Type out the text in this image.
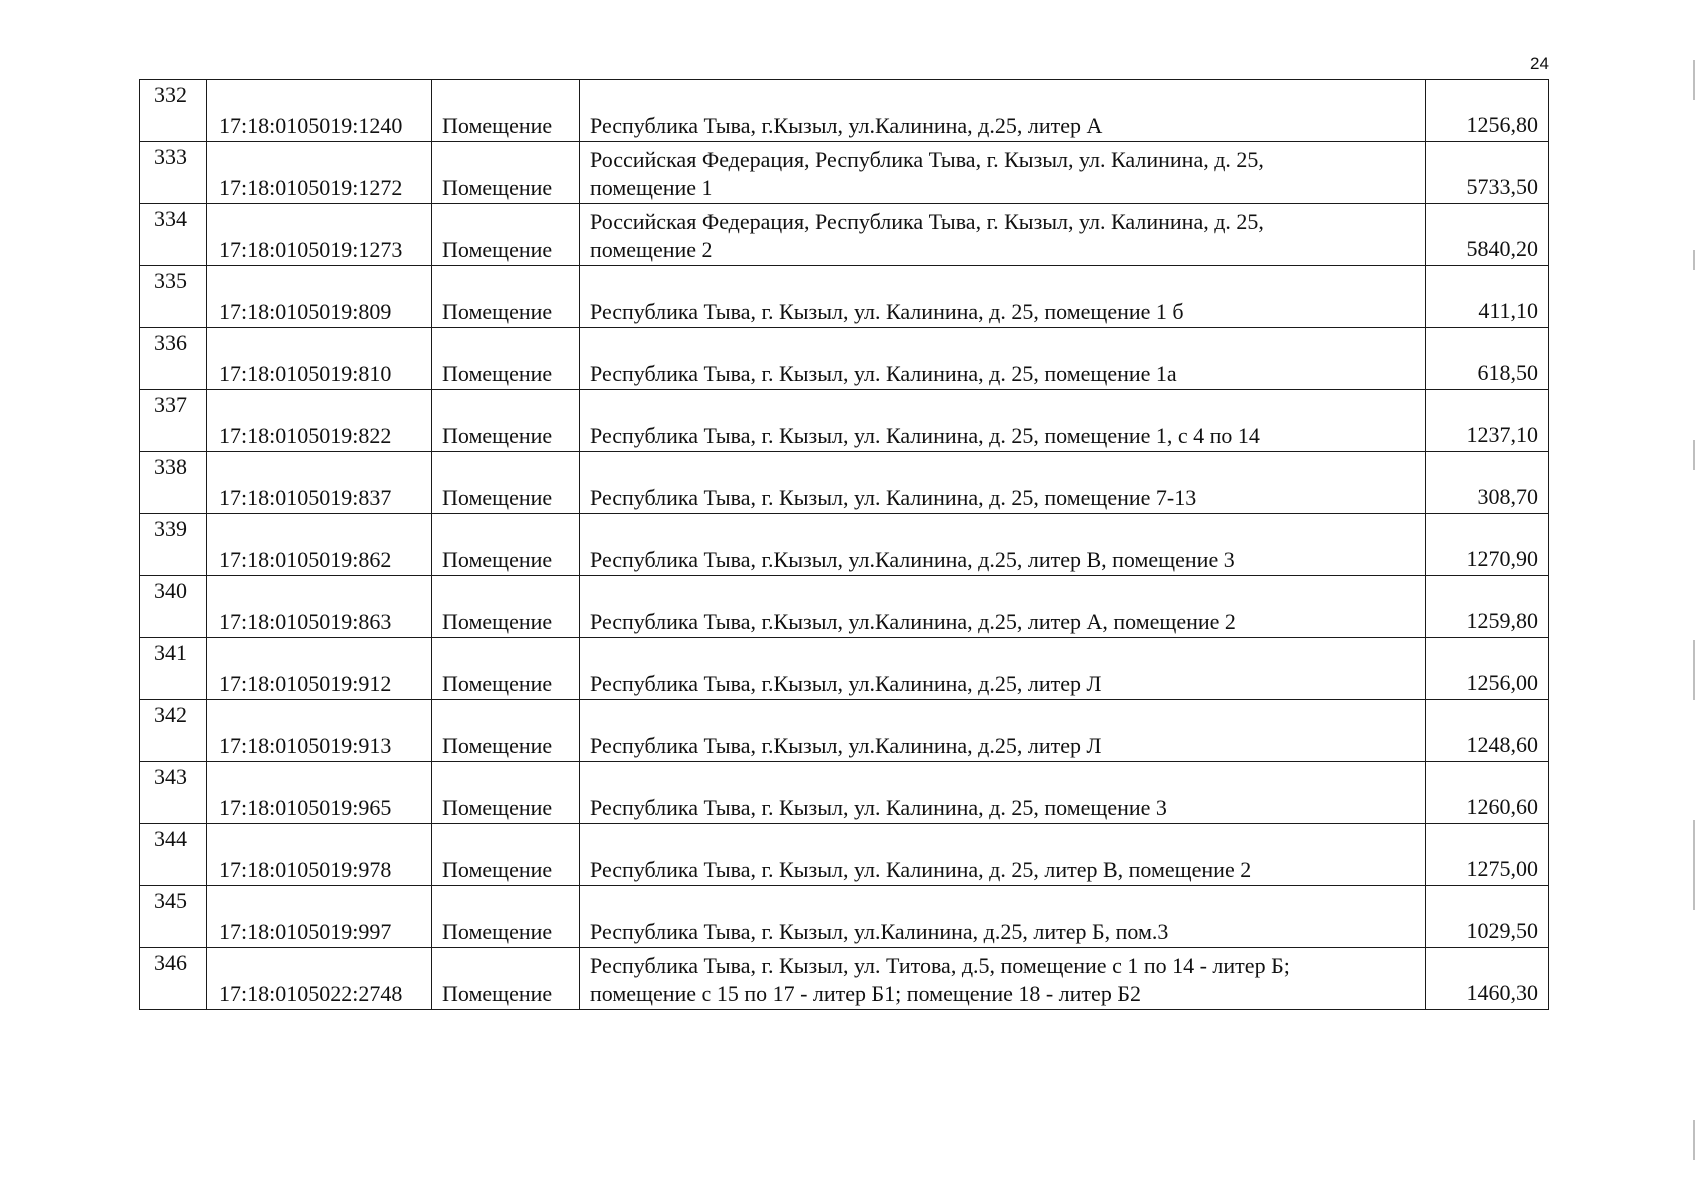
24
332	17:18:0105019:1240	Помещение	Республика Тыва, г.Кызыл, ул.Калинина, д.25, литер А	1256,80
333	17:18:0105019:1272	Помещение	Российская Федерация, Республика Тыва, г. Кызыл, ул. Калинина, д. 25,
помещение 1	5733,50
334	17:18:0105019:1273	Помещение	Российская Федерация, Республика Тыва, г. Кызыл, ул. Калинина, д. 25,
помещение 2	5840,20
335	17:18:0105019:809	Помещение	Республика Тыва, г. Кызыл, ул. Калинина, д. 25, помещение 1 б	411,10
336	17:18:0105019:810	Помещение	Республика Тыва, г. Кызыл, ул. Калинина, д. 25, помещение 1а	618,50
337	17:18:0105019:822	Помещение	Республика Тыва, г. Кызыл, ул. Калинина, д. 25, помещение 1, с 4 по 14	1237,10
338	17:18:0105019:837	Помещение	Республика Тыва, г. Кызыл, ул. Калинина, д. 25, помещение 7-13	308,70
339	17:18:0105019:862	Помещение	Республика Тыва, г.Кызыл, ул.Калинина, д.25, литер В, помещение 3	1270,90
340	17:18:0105019:863	Помещение	Республика Тыва, г.Кызыл, ул.Калинина, д.25, литер А, помещение 2	1259,80
341	17:18:0105019:912	Помещение	Республика Тыва, г.Кызыл, ул.Калинина, д.25, литер Л	1256,00
342	17:18:0105019:913	Помещение	Республика Тыва, г.Кызыл, ул.Калинина, д.25, литер Л	1248,60
343	17:18:0105019:965	Помещение	Республика Тыва, г. Кызыл, ул. Калинина, д. 25, помещение 3	1260,60
344	17:18:0105019:978	Помещение	Республика Тыва, г. Кызыл, ул. Калинина, д. 25, литер В, помещение 2	1275,00
345	17:18:0105019:997	Помещение	Республика Тыва, г. Кызыл, ул.Калинина, д.25, литер Б, пом.3	1029,50
346	17:18:0105022:2748	Помещение	Республика Тыва, г. Кызыл, ул. Титова, д.5, помещение с 1 по 14 - литер Б;
помещение с 15 по 17 - литер Б1; помещение 18 - литер Б2	1460,30
